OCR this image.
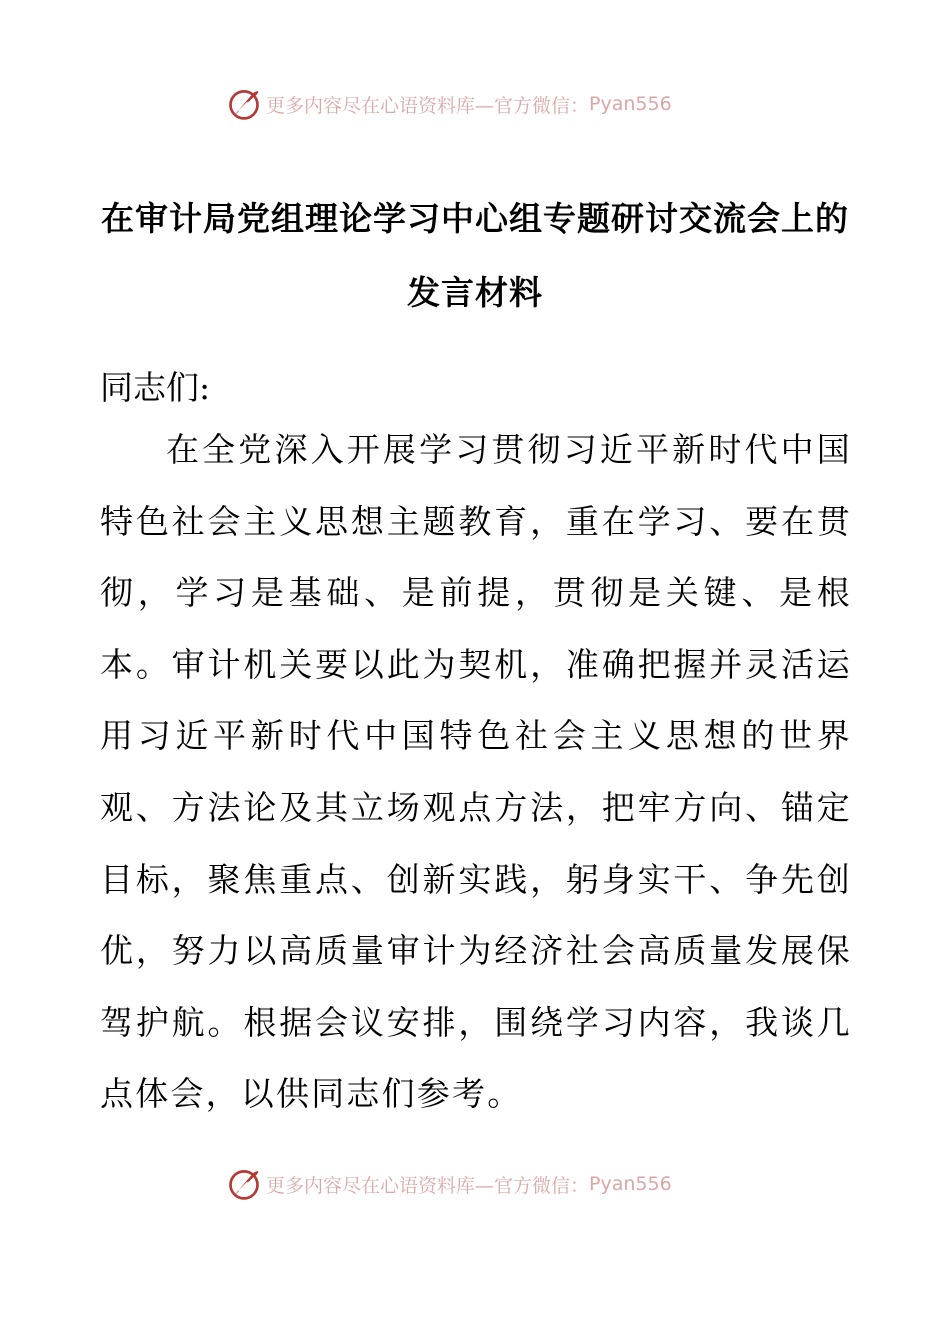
更多内容尽在心语资料库—官方微信： Pyan556
在审计局党组理论学习中心组专题研讨交流会上的发言材料

同志们:

在全党深入开展学习贯彻习近平新时代中国特色社会主义思想主题教育，重在学习、要在贯彻，学习是基础、是前提，贯彻是关键、是根本。审计机关要以此为契机，准确把握并灵活运用习近平新时代中国特色社会主义思想的世界观、方法论及其立场观点方法，把牢方向、锚定目标，聚焦重点、创新实践，躬身实干、争先创优，努力以高质量审计为经济社会高质量发展保驾护航。根据会议安排，围绕学习内容，我谈几点体会，以供同志们参考。

更多内容尽在心语资料库—官方微信： Pyan556
